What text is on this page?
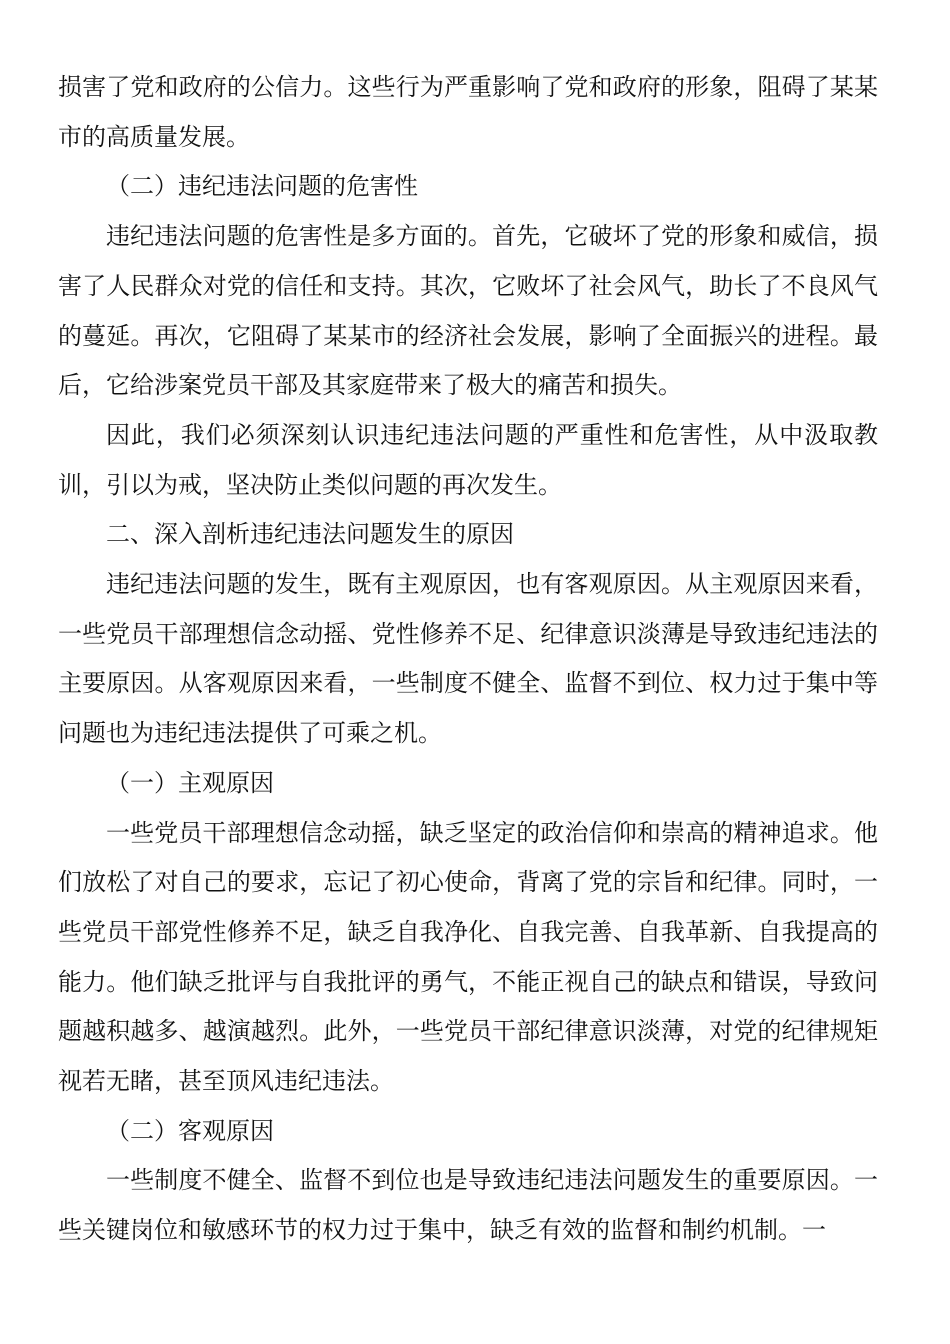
损害了党和政府的公信力。这些行为严重影响了党和政府的形象，阻碍了某某市的高质量发展。

（二）违纪违法问题的危害性

违纪违法问题的危害性是多方面的。首先，它破坏了党的形象和威信，损害了人民群众对党的信任和支持。其次，它败坏了社会风气，助长了不良风气的蔓延。再次，它阻碍了某某市的经济社会发展，影响了全面振兴的进程。最后，它给涉案党员干部及其家庭带来了极大的痛苦和损失。

因此，我们必须深刻认识违纪违法问题的严重性和危害性，从中汲取教训，引以为戒，坚决防止类似问题的再次发生。

二、深入剖析违纪违法问题发生的原因

违纪违法问题的发生，既有主观原因，也有客观原因。从主观原因来看，一些党员干部理想信念动摇、党性修养不足、纪律意识淡薄是导致违纪违法的主要原因。从客观原因来看，一些制度不健全、监督不到位、权力过于集中等问题也为违纪违法提供了可乘之机。

（一）主观原因

一些党员干部理想信念动摇，缺乏坚定的政治信仰和崇高的精神追求。他们放松了对自己的要求，忘记了初心使命，背离了党的宗旨和纪律。同时，一些党员干部党性修养不足，缺乏自我净化、自我完善、自我革新、自我提高的能力。他们缺乏批评与自我批评的勇气，不能正视自己的缺点和错误，导致问题越积越多、越演越烈。此外，一些党员干部纪律意识淡薄，对党的纪律规矩视若无睹，甚至顶风违纪违法。

（二）客观原因

一些制度不健全、监督不到位也是导致违纪违法问题发生的重要原因。一些关键岗位和敏感环节的权力过于集中，缺乏有效的监督和制约机制。一
